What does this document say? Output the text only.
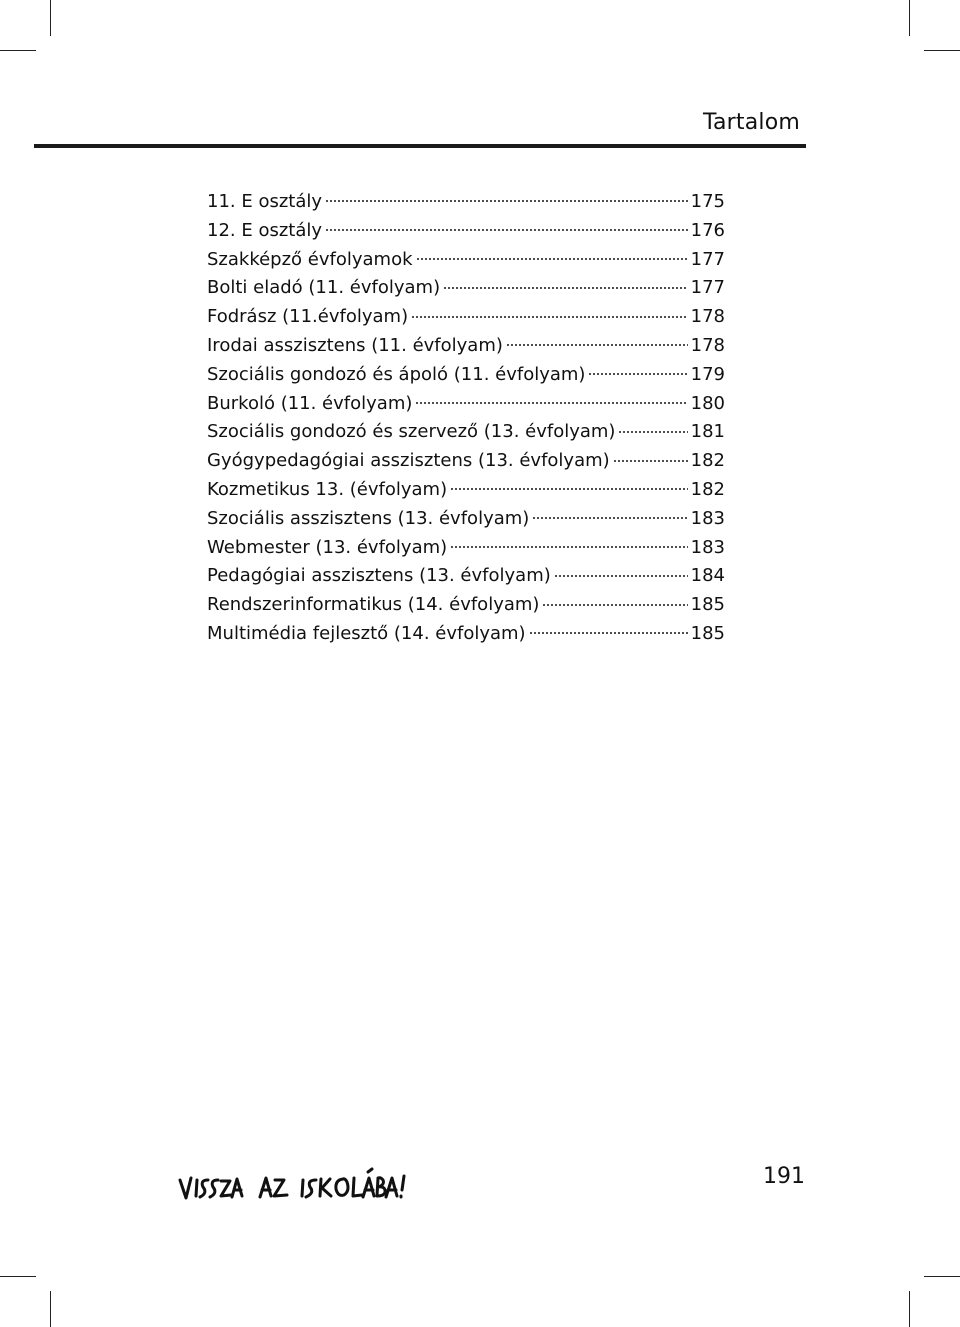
Tartalom
11. E osztály	175
12. E osztály	176
Szakképző évfolyamok	177
Bolti eladó (11. évfolyam)	177
Fodrász (11.évfolyam)	178
Irodai asszisztens (11. évfolyam)	178
Szociális gondozó és ápoló (11. évfolyam)	179
Burkoló (11. évfolyam)	180
Szociális gondozó és szervező (13. évfolyam)	181
Gyógypedagógiai asszisztens (13. évfolyam)	182
Kozmetikus 13. (évfolyam)	182
Szociális asszisztens (13. évfolyam)	183
Webmester (13. évfolyam)	183
Pedagógiai asszisztens (13. évfolyam)	184
Rendszerinformatikus (14. évfolyam)	185
Multimédia fejlesztő (14. évfolyam)	185
191
